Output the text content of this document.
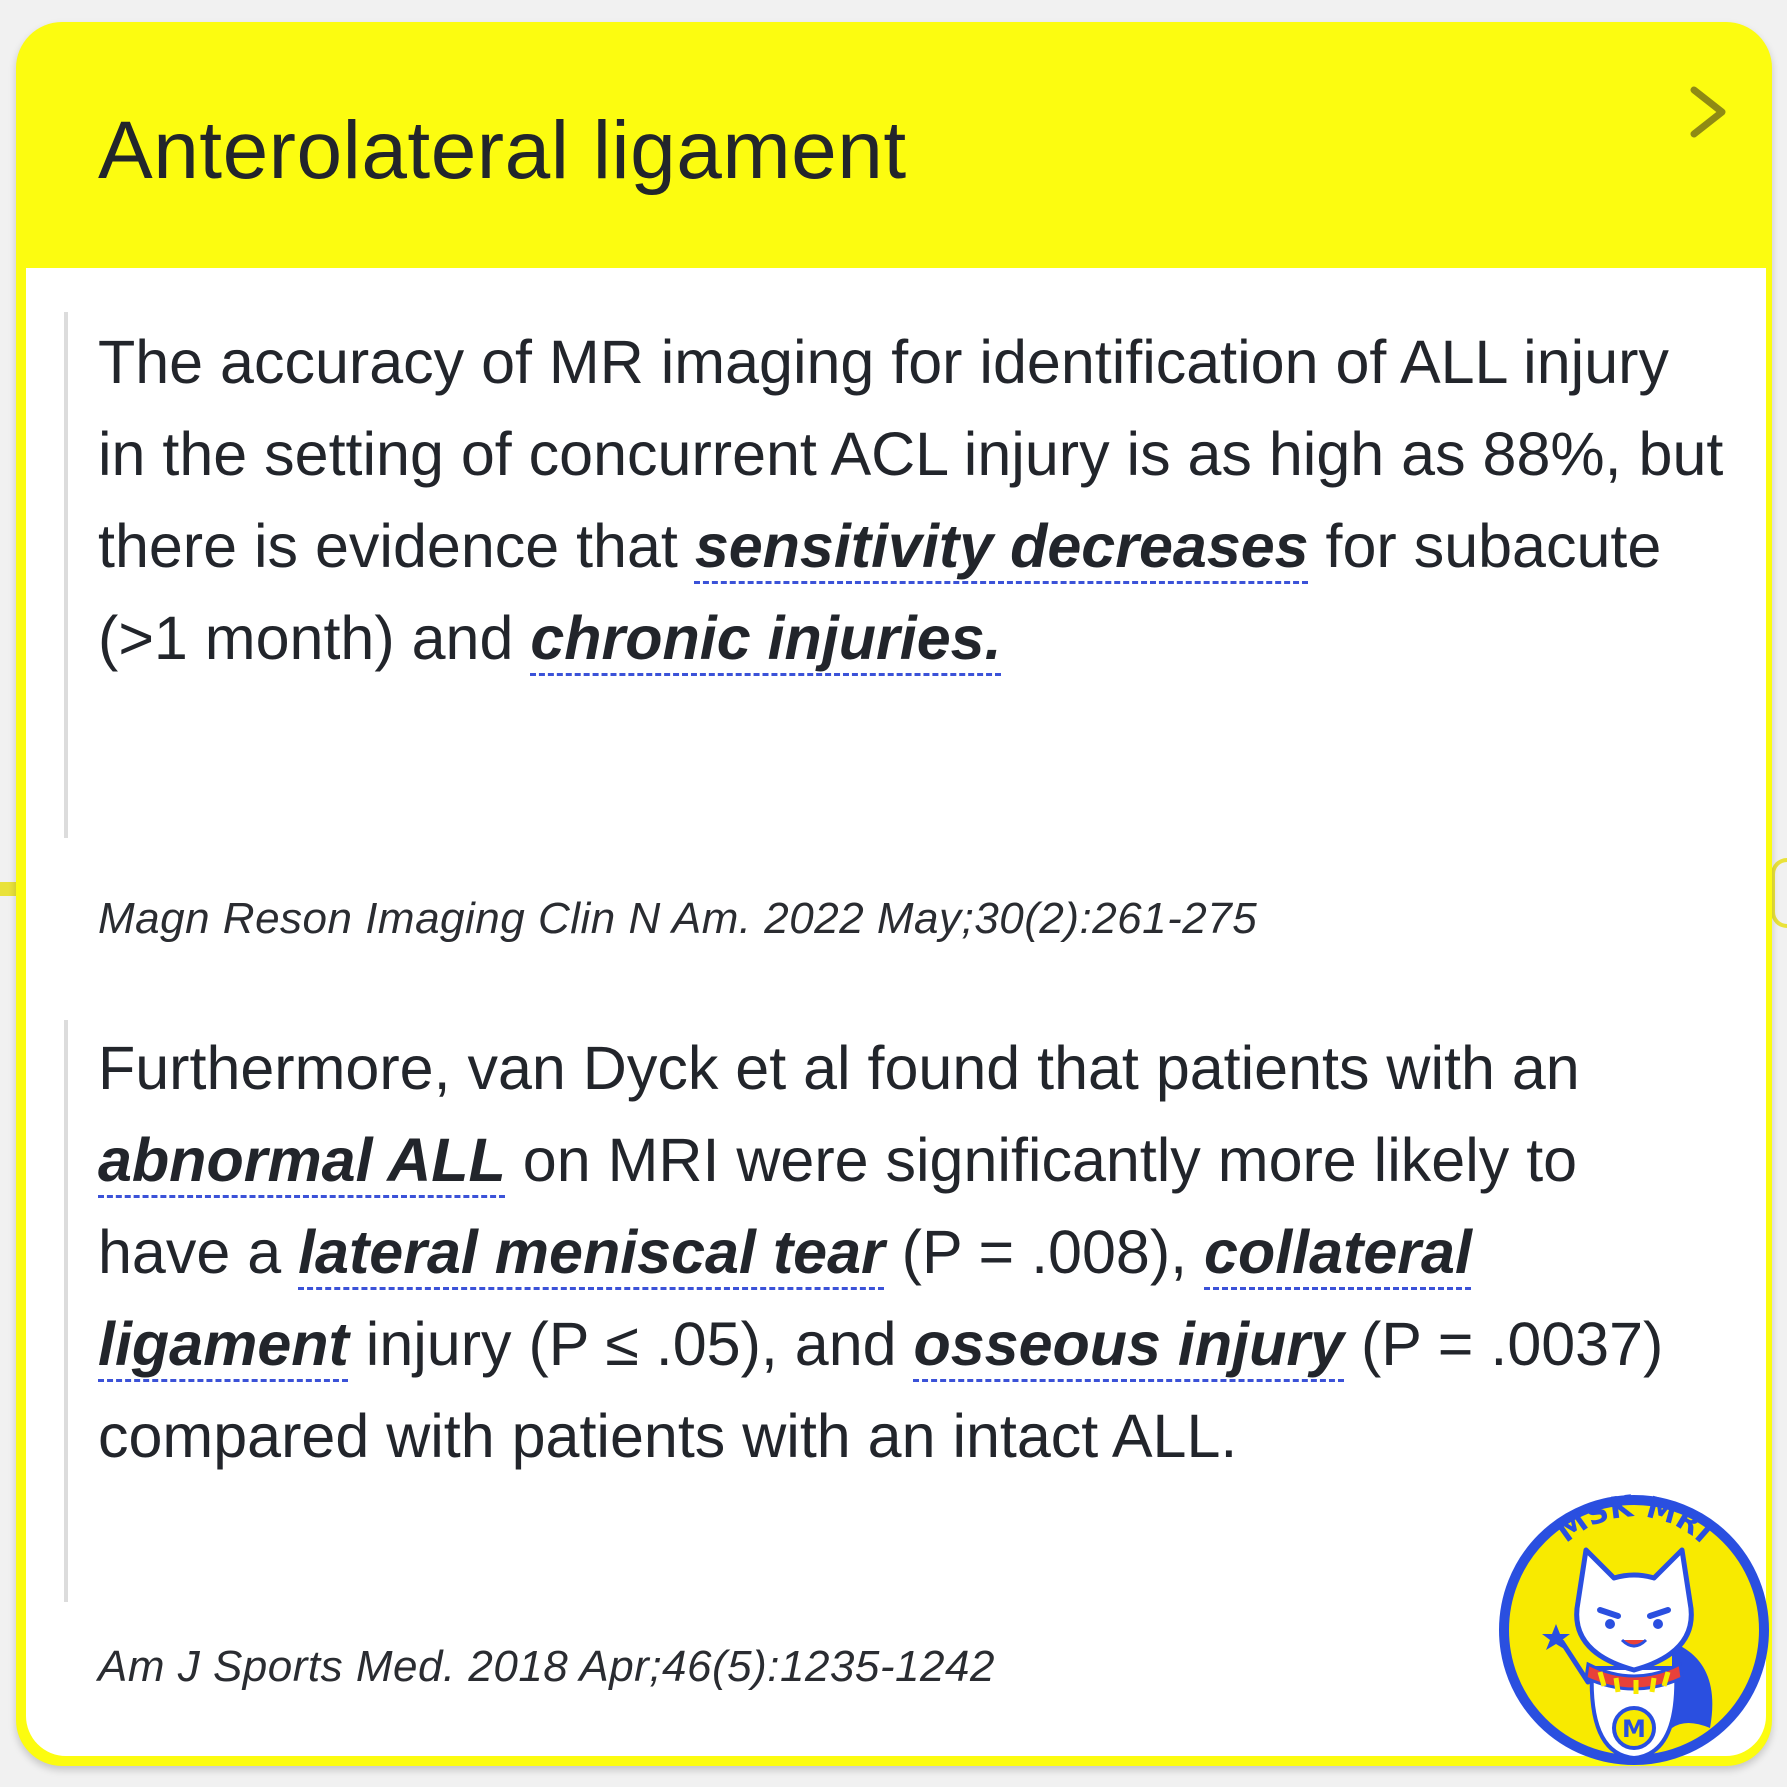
Anterolateral ligament

The accuracy of MR imaging for identification of ALL injury in the setting of concurrent ACL injury is as high as 88%, but there is evidence that sensitivity decreases for subacute (>1 month) and chronic injuries.

Magn Reson Imaging Clin N Am. 2022 May;30(2):261-275

Furthermore, van Dyck et al found that patients with an abnormal ALL on MRI were significantly more likely to have a lateral meniscal tear (P = .008), collateral ligament injury (P ≤ .05), and osseous injury (P = .0037) compared with patients with an intact ALL.

Am J Sports Med. 2018 Apr;46(5):1235-1242

MSK MRI
M
